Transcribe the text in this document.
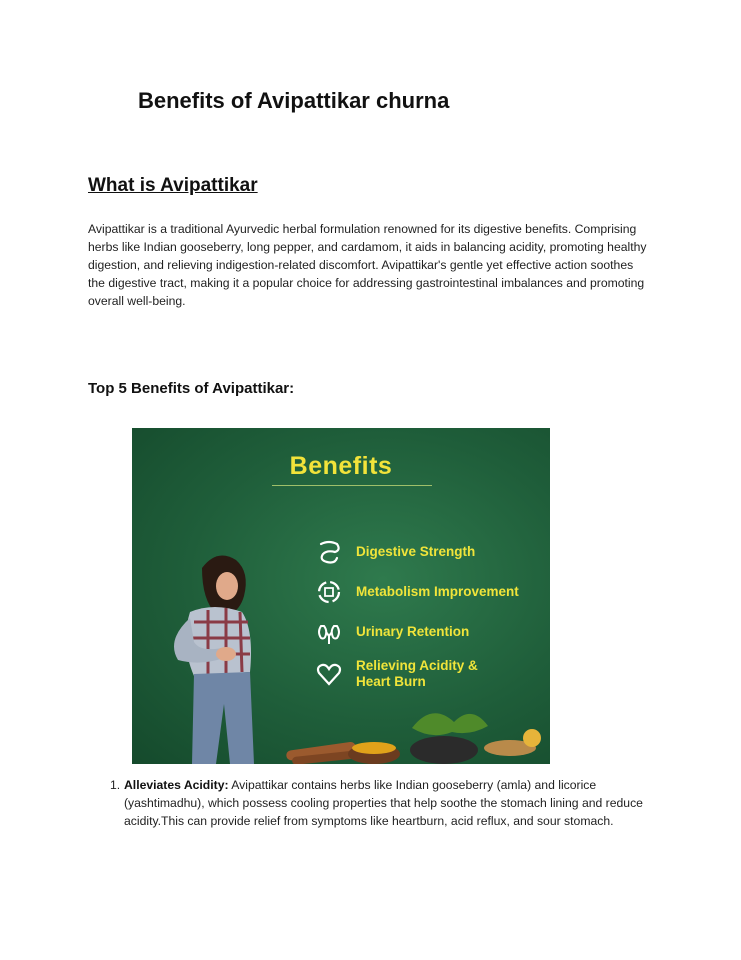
Benefits of Avipattikar churna
What is Avipattikar

Avipattikar is a traditional Ayurvedic herbal formulation renowned for its digestive benefits. Comprising herbs like Indian gooseberry, long pepper, and cardamom, it aids in balancing acidity, promoting healthy digestion, and relieving indigestion-related discomfort. Avipattikar's gentle yet effective action soothes the digestive tract, making it a popular choice for addressing gastrointestinal imbalances and promoting overall well-being.

Top 5 Benefits of Avipattikar:
Benefits
Digestive Strength
Metabolism Improvement
Urinary Retention
Relieving Acidity &
Heart Burn
1. Alleviates Acidity: Avipattikar contains herbs like Indian gooseberry (amla) and licorice (yashtimadhu), which possess cooling properties that help soothe the stomach lining and reduce acidity.This can provide relief from symptoms like heartburn, acid reflux, and sour stomach.
